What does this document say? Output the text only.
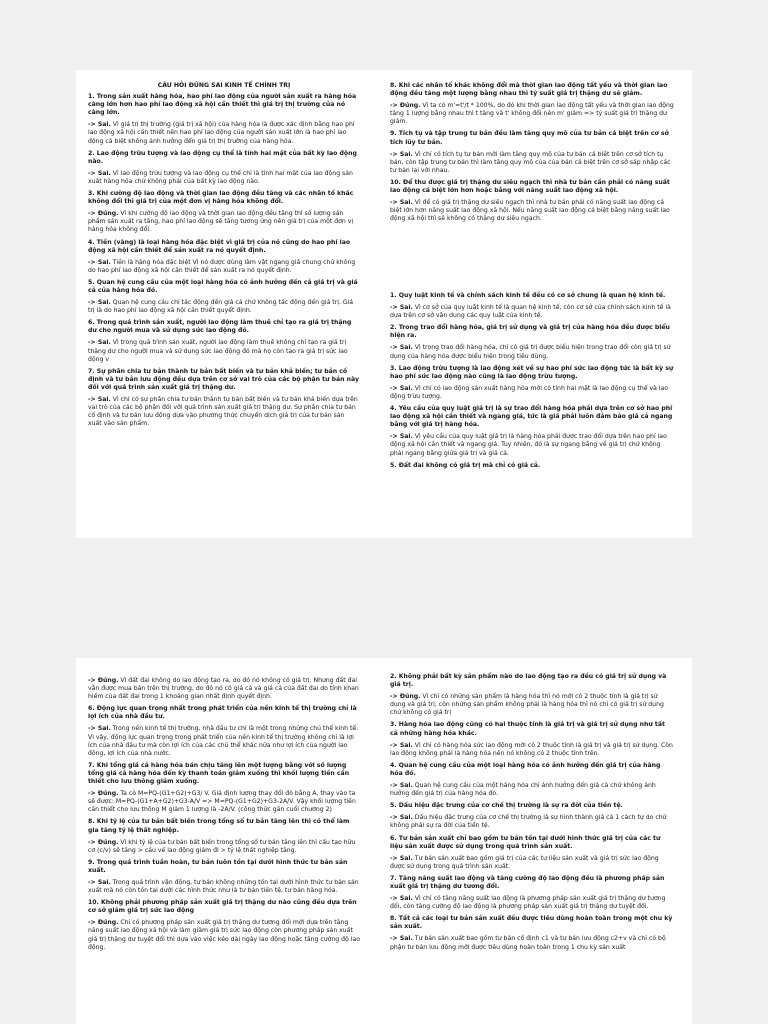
CÂU HỎI ĐÚNG SAI KINH TẾ CHÍNH TRỊ

1. Trong sản xuất hàng hóa, hao phí lao động của người sản xuất ra hàng hóa càng lớn hơn hao phí lao động xã hội cần thiết thì giá trị thị trường của nó càng lớn.

-> Sai. Vì giá trị thị trường (giá trị xã hội) của hàng hóa là được xác định bằng hao phí lao động xã hội cần thiết nên hao phí lao động của người sản xuất lớn là hao phí lao động cá biệt không ảnh hưởng đến giá trị thị trường của hàng hóa.

2. Lao động trừu tượng và lao động cụ thể là tính hai mặt của bất kỳ lao động nào.

-> Sai. Vì lao động trừu tượng và lao động cụ thể chỉ là tính hai mặt của lao động sản xuất hàng hóa chứ không phải của bất kỳ lao động nào.

3. Khi cường độ lao động và thời gian lao động đều tăng và các nhân tố khác không đổi thì giá trị của một đơn vị hàng hóa không đổi.

-> Đúng. Vì khi cường độ lao động và thời gian lao động đều tăng thì số lượng sản phẩm sản xuất ra tăng, hao phí lao động sẽ tăng tương ứng nên giá trị của một đơn vị hàng hóa không đổi.

4. Tiền (vàng) là loại hàng hóa đặc biệt vì giá trị của nó cũng do hao phí lao động xã hội cần thiết để sản xuất ra nó quyết định.

-> Sai. Tiền là hàng hóa đặc biệt Vì nó được dùng làm vật ngang giá chung chứ không do hao phí lao động xã hội cần thiết để sản xuất ra nó quyết định.

5. Quan hệ cung cầu của một loại hàng hóa có ảnh hưởng đến cả giá trị và giá cả của hàng hóa đó.

-> Sai. Quan hệ cung cầu chỉ tác động đến giá cả chứ không tác động đến giá trị. Giá trị là do hao phí lao động xã hội cần thiết quyết định.

6. Trong quá trình sản xuất, người lao động làm thuê chỉ tạo ra giá trị thặng dư cho người mua và sử dụng sức lao động đó.

-> Sai. Vì trong quá trình sản xuất, người lao động làm thuê không chỉ tạo ra giá trị thặng dư cho người mua và sử dụng sức lao động đó mà họ còn tạo ra giá trị sức lao động v

7. Sự phân chia tư bản thành tư bản bất biến và tư bản khả biến; tư bản cố định và tư bản lưu động đều dựa trên cơ sở vai trò của các bộ phận tư bản này đối với quá trình sản xuất giá trị thặng dư.

-> Sai. Vì chỉ có sự phân chia tư bản thành tư bản bất biến và tư bản khả biến dựa trên vai trò của các bộ phận đối với quá trình sản xuất giá trị thặng dư. Sự phân chia tư bản cố định và tư bản lưu động dựa vào phương thức chuyển dịch giá trị của tư bản sản xuất vào sản phẩm.

8. Khi các nhân tố khác không đổi mà thời gian lao động tất yếu và thời gian lao động đều tăng một lượng bằng nhau thì tỷ suất giá trị thặng dư sẽ giảm.

-> Đúng. Vì ta có m'=t'/t * 100%, do đó khi thời gian lao động tất yếu và thời gian lao động tăng 1 lượng bằng nhau thì t tăng và t' không đổi nên m' giảm => tỷ suất giá trị thặng dư giảm.

9. Tích tụ và tập trung tư bản đều làm tăng quy mô của tư bản cá biệt trên cơ sở tích lũy tư bản.

-> Sai. Vì chỉ có tích tụ tư bản mới làm tăng quy mô của tư bản cá biệt trên cơ sở tích tụ bản, còn tập trung tư bản thì làm tăng quy mô của của bản cá biệt trên cơ sở sáp nhập các tư bản lại với nhau.

10. Để thu được giá trị thặng dư siêu ngạch thì nhà tư bản cần phải có năng suất lao động cá biệt lớn hơn hoặc bằng với năng suất lao động xã hội.

-> Sai. Vì để có giá trị thặng dư siêu ngạch thì nhà tư bản phải có năng suất lao động cá biệt lớn hơn năng suất lao động xã hội. Nếu năng suất lao động cá biệt bằng năng suất lao động xã hội thì sẽ không có thặng dư siêu ngạch.

1. Quy luật kinh tế và chính sách kinh tế đều có cơ sở chung là quan hệ kinh tế.

-> Sai. Vì cơ sở của quy luật kinh tế là quan hệ kinh tế, còn cơ sở của chính sách kinh tế là dựa trên cơ sở vận dụng các quy luật của kinh tế.

2. Trong trao đổi hàng hóa, giá trị sử dụng và giá trị của hàng hóa đều được biểu hiện ra.

-> Sai. Vì trong trao đổi hàng hóa, chỉ có giá trị được biểu hiện trong trao đổi còn giá trị sử dụng của hàng hóa được biểu hiện trong tiêu dùng.

3. Lao động trừu tượng là lao động xét về sự hao phí sức lao động tức là bất kỳ sự hao phí sức lao động nào cũng là lao động trừu tượng.

-> Sai. Vì chỉ có lao động sản xuất hàng hóa mới có tính hai mặt là lao động cụ thể và lao động trừu tượng.

4. Yêu cầu của quy luật giá trị là sự trao đổi hàng hóa phải dựa trên cơ sở hao phí lao động xã hội cần thiết và ngang giá, tức là giá phải luôn đảm bảo giá cả ngang bằng với giá trị hàng hóa.

-> Sai. Vì yêu cầu của quy luật giá trị là hàng hóa phải được trao đổi dựa trên hao phí lao động xã hội cần thiết và ngang giá. Tuy nhiên, đó là sự ngang bằng về giá trị chứ không phải ngang bằng giữa giá trị và giá cả.

5. Đất đai không có giá trị mà chỉ có giá cả.

-> Đúng. Vì đất đai không do lao động tạo ra, do đó nó không có giá trị. Nhưng đất đai vẫn được mua bán trên thị trường, do đó nó có giá cả và giá cả của đất đai do tính khan hiếm của đất đai trong 1 khoảng gian nhất định quyết định.

6. Động lực quan trọng nhất trong phát triển của nền kinh tế thị trường chỉ là lợi ích của nhà đầu tư.

-> Sai. Trong nền kinh tế thị trường, nhà đầu tư chỉ là một trong những chủ thể kinh tế. Vì vậy, động lực quan trọng trong phát triển của nền kinh tế thị trường không chỉ là lợi ích của nhà đầu tư mà còn lợi ích của các chủ thể khác nữa như lợi ích của người lao động, lợi ích của nhà nước.

7. Khi tổng giá cả hàng hóa bán chịu tăng lên một lượng bằng với số lượng tổng giá cả hàng hóa đến kỳ thanh toán giảm xuống thì khối lượng tiền cần thiết cho lưu thông giảm xuống.

-> Đúng. Ta có M=PQ-(G1+G2)+G3/ V. Giả định lượng thay đổi đó bằng A, thay vào ta sẽ được: M=PQ-(G1+A+G2)+G3-A/V => M=PQ-(G1+G2)+G3-2A/V. Vậy khối lượng tiền cần thiết cho lưu thông M giảm 1 lượng là -2A/V. (công thức gần cuối chương 2)

8. Khi tỷ lệ của tư bản bất biến trong tổng số tư bản tăng lên thì có thể làm gia tăng tỷ lệ thất nghiệp.

-> Đúng. Vì khi tỷ lệ của tư bản bất biến trong tổng số tư bản tăng lên thì cấu tạo hữu cơ (c/v) sẽ tăng > cầu về lao động giảm đi > tỷ lệ thất nghiệp tăng.

9. Trong quá trình tuần hoàn, tư bản luôn tồn tại dưới hình thức tư bản sản xuất.

-> Sai. Trong quá trình vận động, tư bản không những tồn tại dưới hình thức tư bản sản xuất mà nó còn tồn tại dưới các hình thức như là tư bản tiền tệ, tư bản hàng hóa.

10. Không phải phương pháp sản xuất giá trị thặng dư nào cũng đều dựa trên cơ sở giảm giá trị sức lao động

-> Đúng. Chỉ có phương pháp sản xuất giá trị thặng dư tương đối mới dựa trên tăng năng suất lao động xã hội và làm giảm giá trị sức lao động còn phương pháp sản xuất giá trị thặng dư tuyệt đối thì dựa vào việc kéo dài ngày lao động hoặc tăng cường độ lao động.

2. Không phải bất kỳ sản phẩm nào do lao động tạo ra đều có giá trị sử dụng và giá trị.

-> Đúng. Vì chỉ có những sản phẩm là hàng hóa thì nó mới có 2 thuộc tính là giá trị sử dụng và giá trị, còn những sản phẩm không phải là hàng hóa thì nó chỉ có giá trị sử dụng chứ không có giá trị

3. Hàng hóa lao động cũng có hai thuộc tính là giá trị và giá trị sử dụng như tất cả những hàng hóa khác.

-> Sai. Vì chỉ có hàng hóa sức lao động mới có 2 thuộc tính là giá trị và giá trị sử dụng. Còn lao động không phải là hàng hóa nên nó không có 2 thuộc tính trên.

4. Quan hệ cung cầu của một loại hàng hóa có ảnh hưởng đến giá trị của hàng hóa đó.

-> Sai. Quan hệ cung cầu của một hàng hóa chỉ ảnh hưởng đến giá cả chứ không ảnh hưởng đến giá trị của hàng hóa đó.

5. Dấu hiệu đặc trưng của cơ chế thị trường là sự ra đời của tiền tệ.

-> Sai. Dấu hiệu đặc trưng của cơ chế thị trường là sự hình thành giá cả 1 cách tự do chứ không phải sự ra đời của tiền tệ.

6. Tư bản sản xuất chỉ bao gồm tư bản tồn tại dưới hình thức giá trị của các tư liệu sản xuất được sử dụng trong quá trình sản xuất.

-> Sai. Tư bản sản xuất bao gồm giá trị của các tư liệu sản xuất và giá trị sức lao động được sử dụng trong quá trình sản xuất.

7. Tăng năng suất lao động và tăng cường độ lao động đều là phương pháp sản xuất giá trị thặng dư tương đối.

-> Sai. Vì chỉ có tăng năng suất lao động là phương pháp sản xuất giá trị thặng dư tương đối, còn tăng cường độ lao động là phương pháp sản xuất giá trị thặng dư tuyệt đối.

8. Tất cả các loại tư bản sản xuất đều được tiêu dùng hoàn toàn trong một chu kỳ sản xuất.

-> Sai. Tư bản sản xuất bao gồm tư bản cố định c1 và tư bản lưu động c2+v và chỉ có bộ phận tư bản lưu động mới được tiêu dùng hoàn toàn trong 1 chu kỳ sản xuất
